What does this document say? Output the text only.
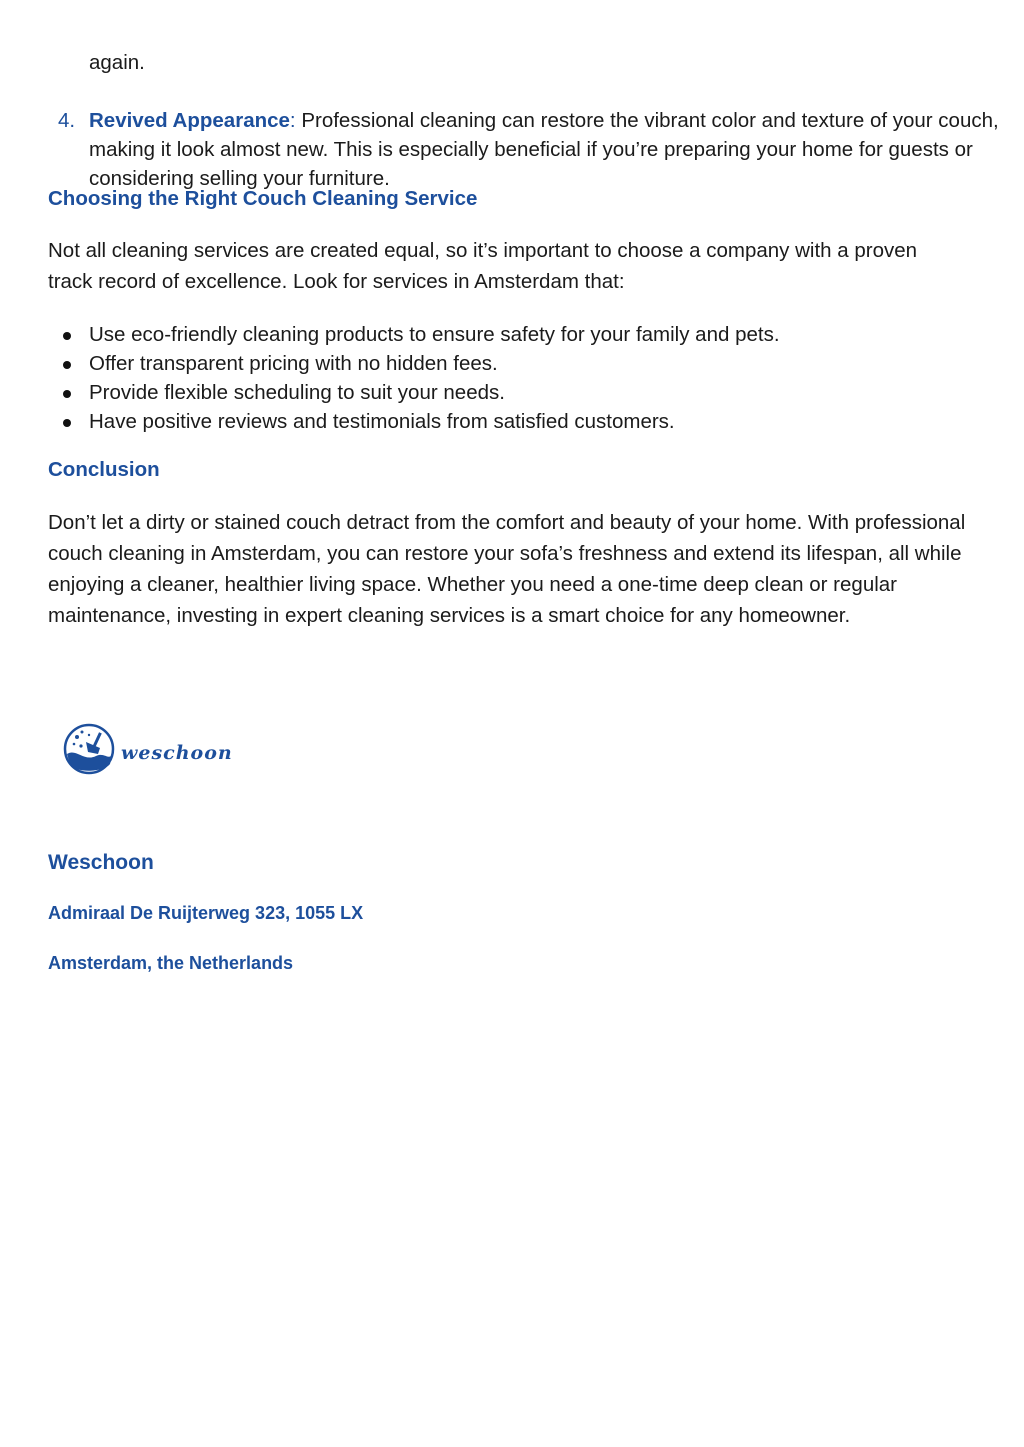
again.
4. Revived Appearance: Professional cleaning can restore the vibrant color and texture of your couch, making it look almost new. This is especially beneficial if you’re preparing your home for guests or considering selling your furniture.
Choosing the Right Couch Cleaning Service
Not all cleaning services are created equal, so it’s important to choose a company with a proven track record of excellence. Look for services in Amsterdam that:
Use eco-friendly cleaning products to ensure safety for your family and pets.
Offer transparent pricing with no hidden fees.
Provide flexible scheduling to suit your needs.
Have positive reviews and testimonials from satisfied customers.
Conclusion
Don’t let a dirty or stained couch detract from the comfort and beauty of your home. With professional couch cleaning in Amsterdam, you can restore your sofa’s freshness and extend its lifespan, all while enjoying a cleaner, healthier living space. Whether you need a one-time deep clean or regular maintenance, investing in expert cleaning services is a smart choice for any homeowner.
weschoon
Weschoon
Admiraal De Ruijterweg 323, 1055 LX
Amsterdam, the Netherlands
